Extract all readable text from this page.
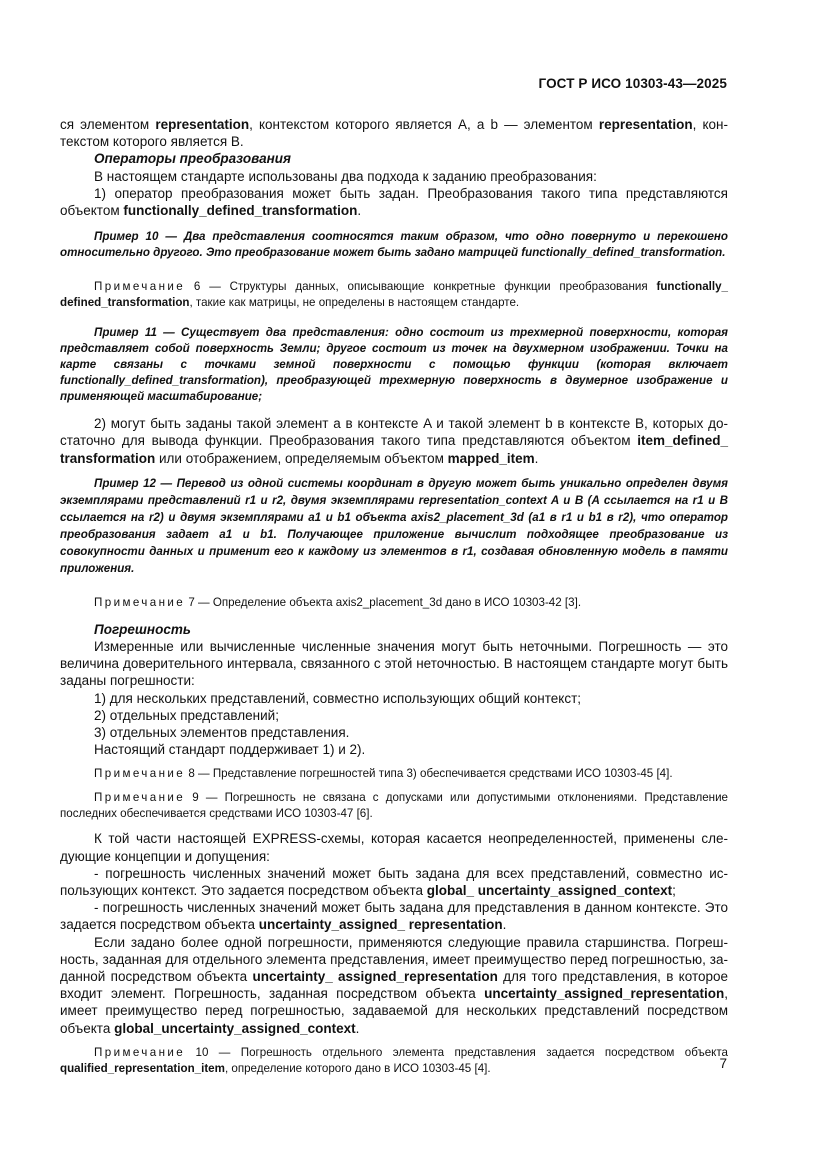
ГОСТ Р ИСО 10303-43—2025

ся элементом representation, контекстом которого является A, а b — элементом representation, контекстом которого является B.

Операторы преобразования

В настоящем стандарте использованы два подхода к заданию преобразования:

1) оператор преобразования может быть задан. Преобразования такого типа представляются объектом functionally_defined_transformation.

Пример 10 — Два представления соотносятся таким образом, что одно повернуто и перекошено относительно другого. Это преобразование может быть задано матрицей functionally_defined_transformation.

Примечание 6 — Структуры данных, описывающие конкретные функции преобразования functionally_ defined_transformation, такие как матрицы, не определены в настоящем стандарте.

Пример 11 — Существует два представления: одно состоит из трехмерной поверхности, которая представляет собой поверхность Земли; другое состоит из точек на двухмерном изображении. Точки на карте связаны с точками земной поверхности с помощью функции (которая включает functionally_defined_transformation), преобразующей трехмерную поверхность в двумерное изображение и применяющей масштабирование;

2) могут быть заданы такой элемент a в контексте A и такой элемент b в контексте B, которых достаточно для вывода функции. Преобразования такого типа представляются объектом item_defined_ transformation или отображением, определяемым объектом mapped_item.

Пример 12 — Перевод из одной системы координат в другую может быть уникально определен двумя экземплярами представлений r1 и r2, двумя экземплярами representation_context A и B (A ссылается на r1 и B ссылается на r2) и двумя экземплярами a1 и b1 объекта axis2_placement_3d (a1 в r1 и b1 в r2), что оператор преобразования задает a1 и b1. Получающее приложение вычислит подходящее преобразование из совокупности данных и применит его к каждому из элементов в r1, создавая обновленную модель в памяти приложения.

Примечание 7 — Определение объекта axis2_placement_3d дано в ИСО 10303-42 [3].

Погрешность

Измеренные или вычисленные численные значения могут быть неточными. Погрешность — это величина доверительного интервала, связанного с этой неточностью. В настоящем стандарте могут быть заданы погрешности:

1) для нескольких представлений, совместно использующих общий контекст;

2) отдельных представлений;

3) отдельных элементов представления.

Настоящий стандарт поддерживает 1) и 2).

Примечание 8 — Представление погрешностей типа 3) обеспечивается средствами ИСО 10303-45 [4].

Примечание 9 — Погрешность не связана с допусками или допустимыми отклонениями. Представление последних обеспечивается средствами ИСО 10303-47 [6].

К той части настоящей EXPRESS-схемы, которая касается неопределенностей, применены следующие концепции и допущения:

- погрешность численных значений может быть задана для всех представлений, совместно использующих контекст. Это задается посредством объекта global_ uncertainty_assigned_context;

- погрешность численных значений может быть задана для представления в данном контексте. Это задается посредством объекта uncertainty_assigned_ representation.

Если задано более одной погрешности, применяются следующие правила старшинства. Погрешность, заданная для отдельного элемента представления, имеет преимущество перед погрешностью, заданной посредством объекта uncertainty_ assigned_representation для того представления, в которое входит элемент. Погрешность, заданная посредством объекта uncertainty_assigned_representation, имеет преимущество перед погрешностью, задаваемой для нескольких представлений посредством объекта global_uncertainty_assigned_context.

Примечание 10 — Погрешность отдельного элемента представления задается посредством объекта qualified_representation_item, определение которого дано в ИСО 10303-45 [4].	7
